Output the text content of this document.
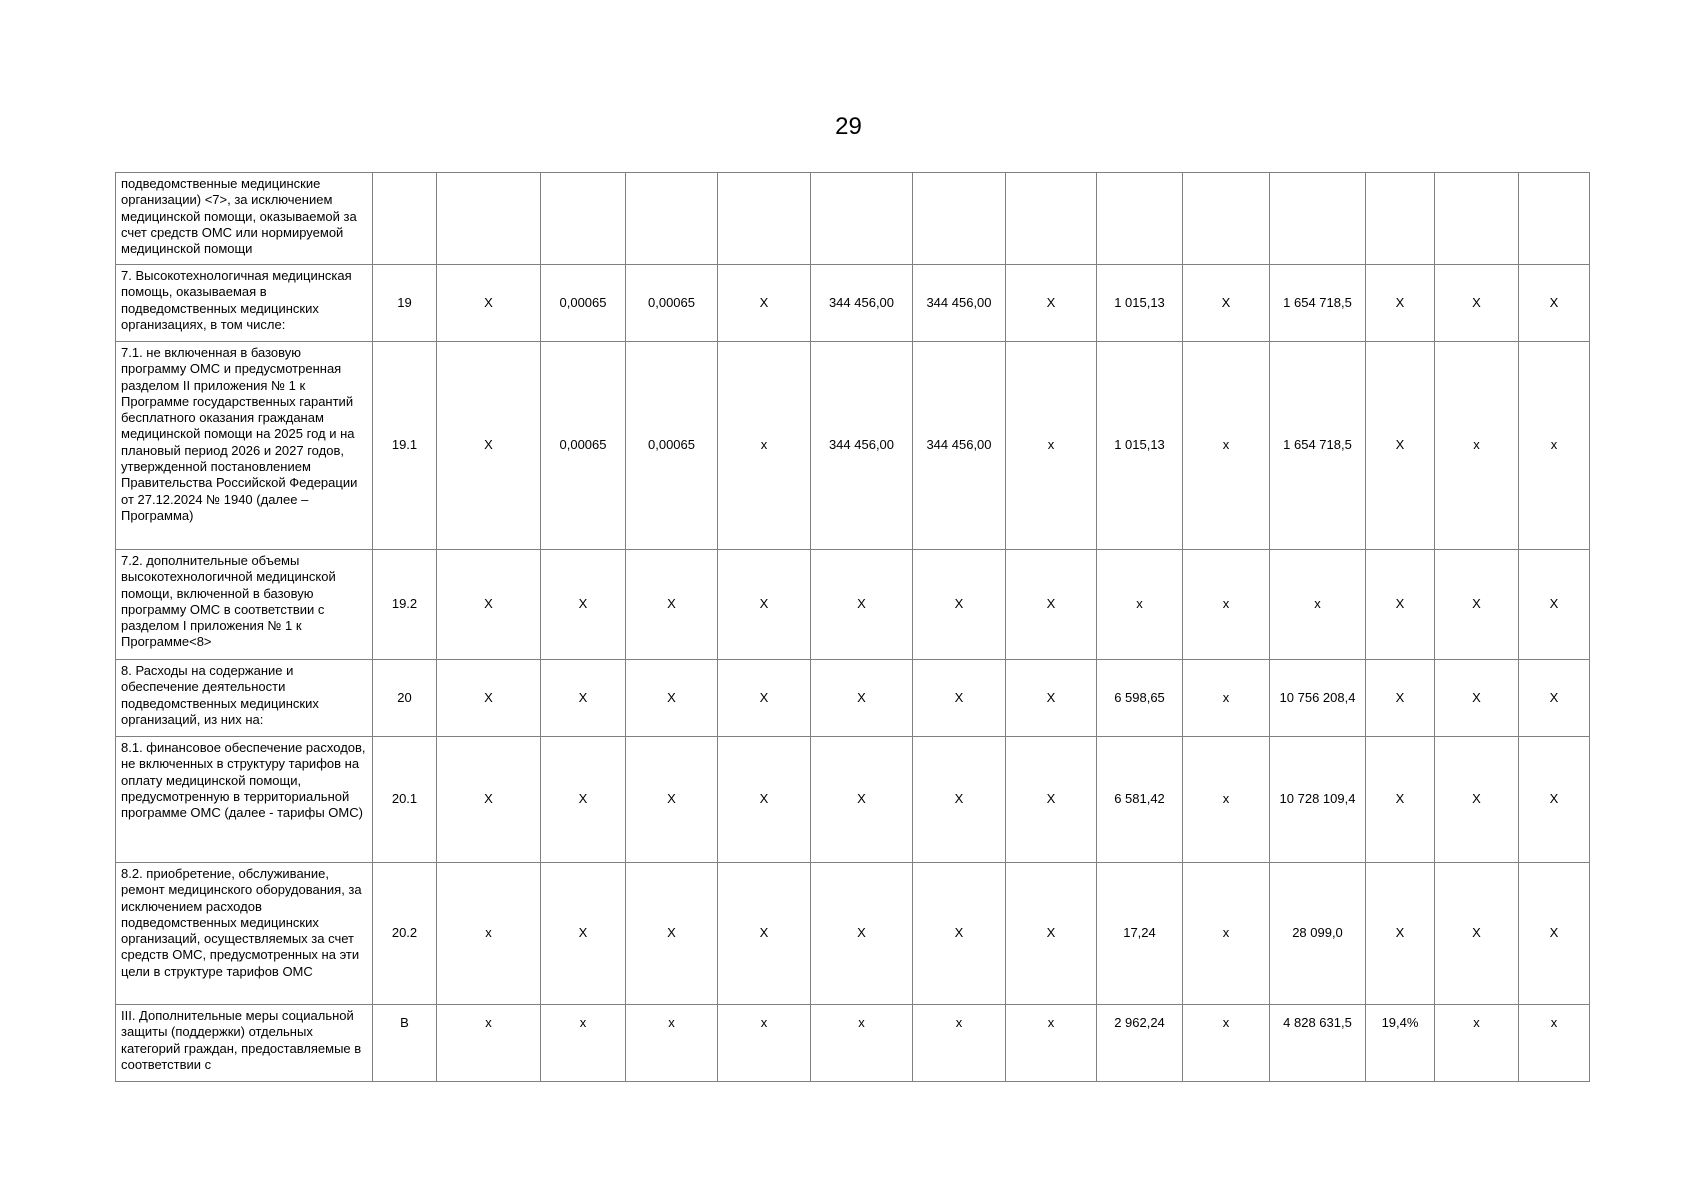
29
подведомственные медицинские организации) <7>, за исключением медицинской помощи, оказываемой за счет средств ОМС или нормируемой медицинской помощи														
7. Высокотехнологичная медицинская помощь, оказываемая в подведомственных медицинских организациях, в том числе:	19	X	0,00065	0,00065	X	344 456,00	344 456,00	X	1 015,13	X	1 654 718,5	X	X	X
7.1. не включенная в базовую программу ОМС и предусмотренная разделом II приложения № 1 к Программе государственных гарантий бесплатного оказания гражданам медицинской помощи на 2025 год и на плановый период 2026 и 2027 годов, утвержденной постановлением Правительства Российской Федерации от 27.12.2024 № 1940 (далее – Программа)	19.1	X	0,00065	0,00065	x	344 456,00	344 456,00	x	1 015,13	x	1 654 718,5	X	x	x
7.2. дополнительные объемы высокотехнологичной медицинской помощи, включенной в базовую программу ОМС в соответствии с разделом I приложения № 1 к Программе<8>	19.2	X	X	X	X	X	X	X	x	x	x	X	X	X
8. Расходы на содержание и обеспечение деятельности подведомственных медицинских организаций, из них на:	20	X	X	X	X	X	X	X	6 598,65	x	10 756 208,4	X	X	X
8.1. финансовое обеспечение расходов, не включенных в структуру тарифов на оплату медицинской помощи, предусмотренную в территориальной программе ОМС (далее - тарифы ОМС)	20.1	X	X	X	X	X	X	X	6 581,42	x	10 728 109,4	X	X	X
8.2. приобретение, обслуживание, ремонт медицинского оборудования, за исключением расходов подведомственных медицинских организаций, осуществляемых за счет средств ОМС, предусмотренных на эти цели в структуре тарифов ОМС	20.2	x	X	X	X	X	X	X	17,24	x	28 099,0	X	X	X
III. Дополнительные меры социальной защиты (поддержки) отдельных категорий граждан, предоставляемые в соответствии с	В	x	x	x	x	x	x	x	2 962,24	x	4 828 631,5	19,4%	x	x
